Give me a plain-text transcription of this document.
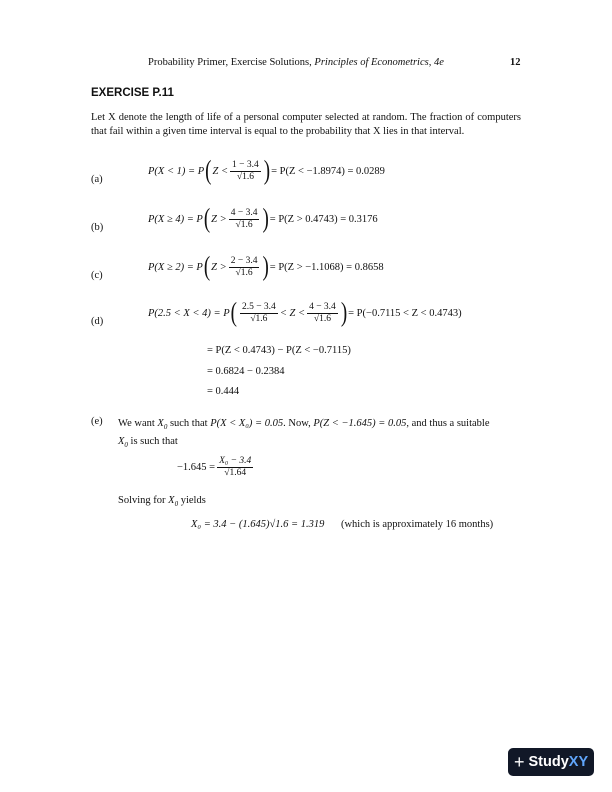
Probability Primer, Exercise Solutions, Principles of Econometrics, 4e	12
EXERCISE P.11
Let X denote the length of life of a personal computer selected at random. The fraction of computers that fail within a given time interval is equal to the probability that X lies in that interval.
(a)
P(X < 1) = P ( $Z < \frac{1 - 3.4}{√1.6}$ ) = P(Z < −1.8974) = 0.0289
(b)
P(X ≥ 4) = P ( $Z > \frac{4 - 3.4}{√1.6}$ ) = P(Z > 0.4743) = 0.3176
(c)
P(X ≥ 2) = P ( $Z > \frac{2 - 3.4}{√1.6}$ ) = P(Z > −1.1068) = 0.8658
(d)
P(2.5 < X < 4) = P ( $\frac{2.5 - 3.4}{√1.6} < Z < \frac{4 - 3.4}{√1.6}$ ) = P(−0.7115 < Z < 0.4743)
= P(Z < 0.4743) − P(Z < −0.7115)
= 0.6824 − 0.2384
= 0.444
(e) We want $X_0$ such that P(X < X₀) = 0.05. Now, P(Z < −1.645) = 0.05, and thus a suitable
$X_0$ is such that
$-1.645 = \frac{\text{X₀ − 3.4}}{√1.64}$
Solving for $X_0$ yields
X₀ = 3.4 − (1.645)√1.6 = 1.319 (which is approximately 16 months)
+ StudyXY
